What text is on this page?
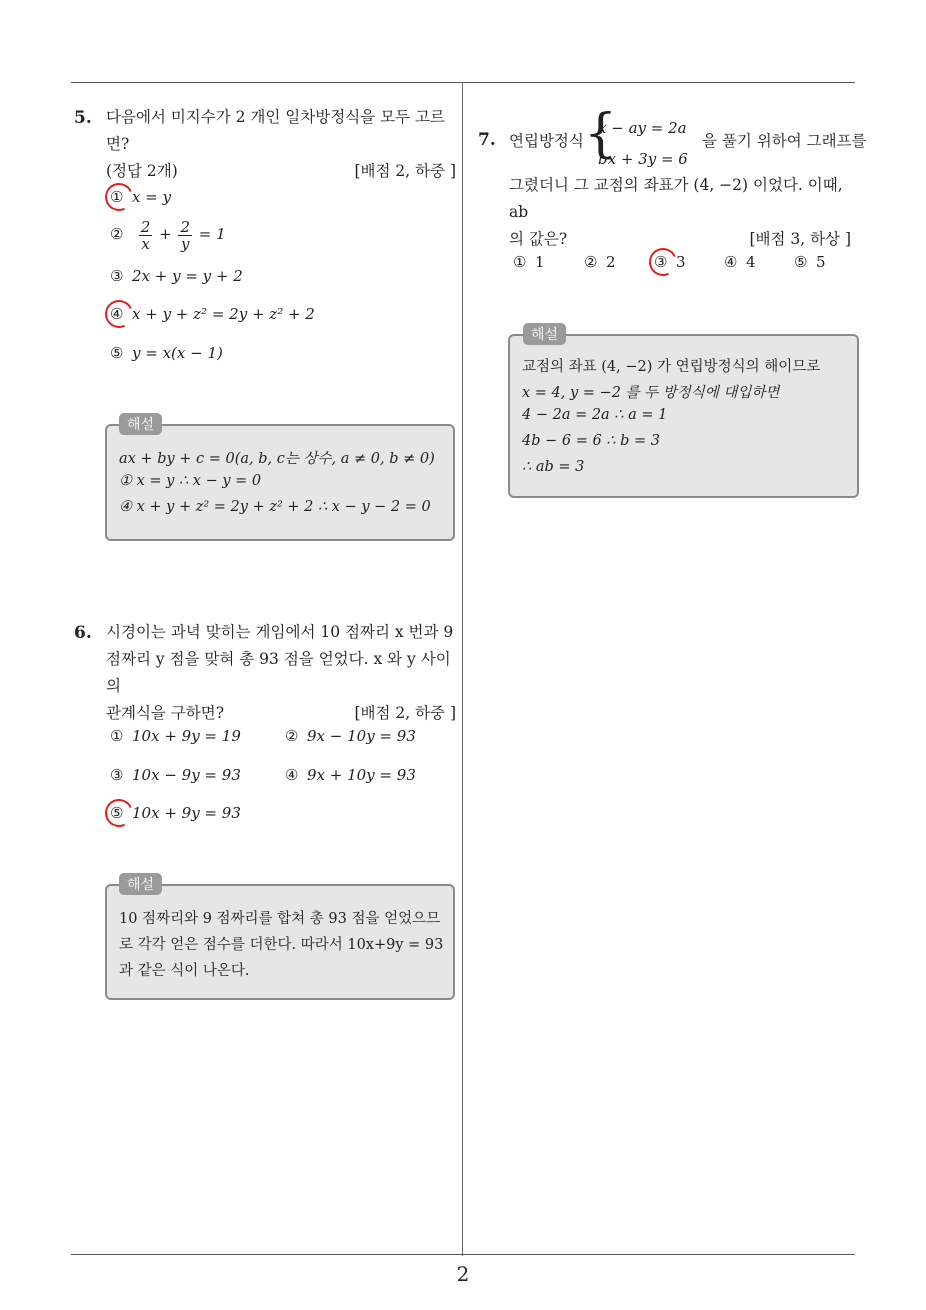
2
5. 다음에서 미지수가 2 개인 일차방정식을 모두 고르면?
(정답 2개)	[배점 2, 하중 ]
① x = y
② $\frac{2}{x} + \frac{2}{y} = 1$
③ 2x + y = y + 2
④ x + y + z² = 2y + z² + 2
⑤ y = x(x − 1)
해설
ax + by + c = 0(a, b, c는 상수, a ≠ 0, b ≠ 0)
① x = y ∴ x − y = 0
④ x + y + z² = 2y + z² + 2 ∴ x − y − 2 = 0
6. 시경이는 과녁 맞히는 게임에서 10 점짜리 x 번과 9
점짜리 y 점을 맞혀 총 93 점을 얻었다. x 와 y 사이의
관계식을 구하면?	[배점 2, 하중 ]
① 10x + 9y = 19	② 9x − 10y = 93
③ 10x − 9y = 93	④ 9x + 10y = 93
⑤ 10x + 9y = 93
해설
10 점짜리와 9 점짜리를 합쳐 총 93 점을 얻었으므
로 각각 얻은 점수를 더한다. 따라서 10x+9y = 93
과 같은 식이 나온다.
7. 연립방정식 {
x − ay = 2a
bx + 3y = 6
을 풀기 위하여 그래프를
그렸더니 그 교점의 좌표가 (4, −2) 이었다. 이때, ab
의 값은?	[배점 3, 하상 ]
① 1	② 2	③ 3	④ 4	⑤ 5
해설
교점의 좌표 (4, −2) 가 연립방정식의 해이므로
x = 4, y = −2 를 두 방정식에 대입하면
4 − 2a = 2a ∴ a = 1
4b − 6 = 6 ∴ b = 3
∴ ab = 3
